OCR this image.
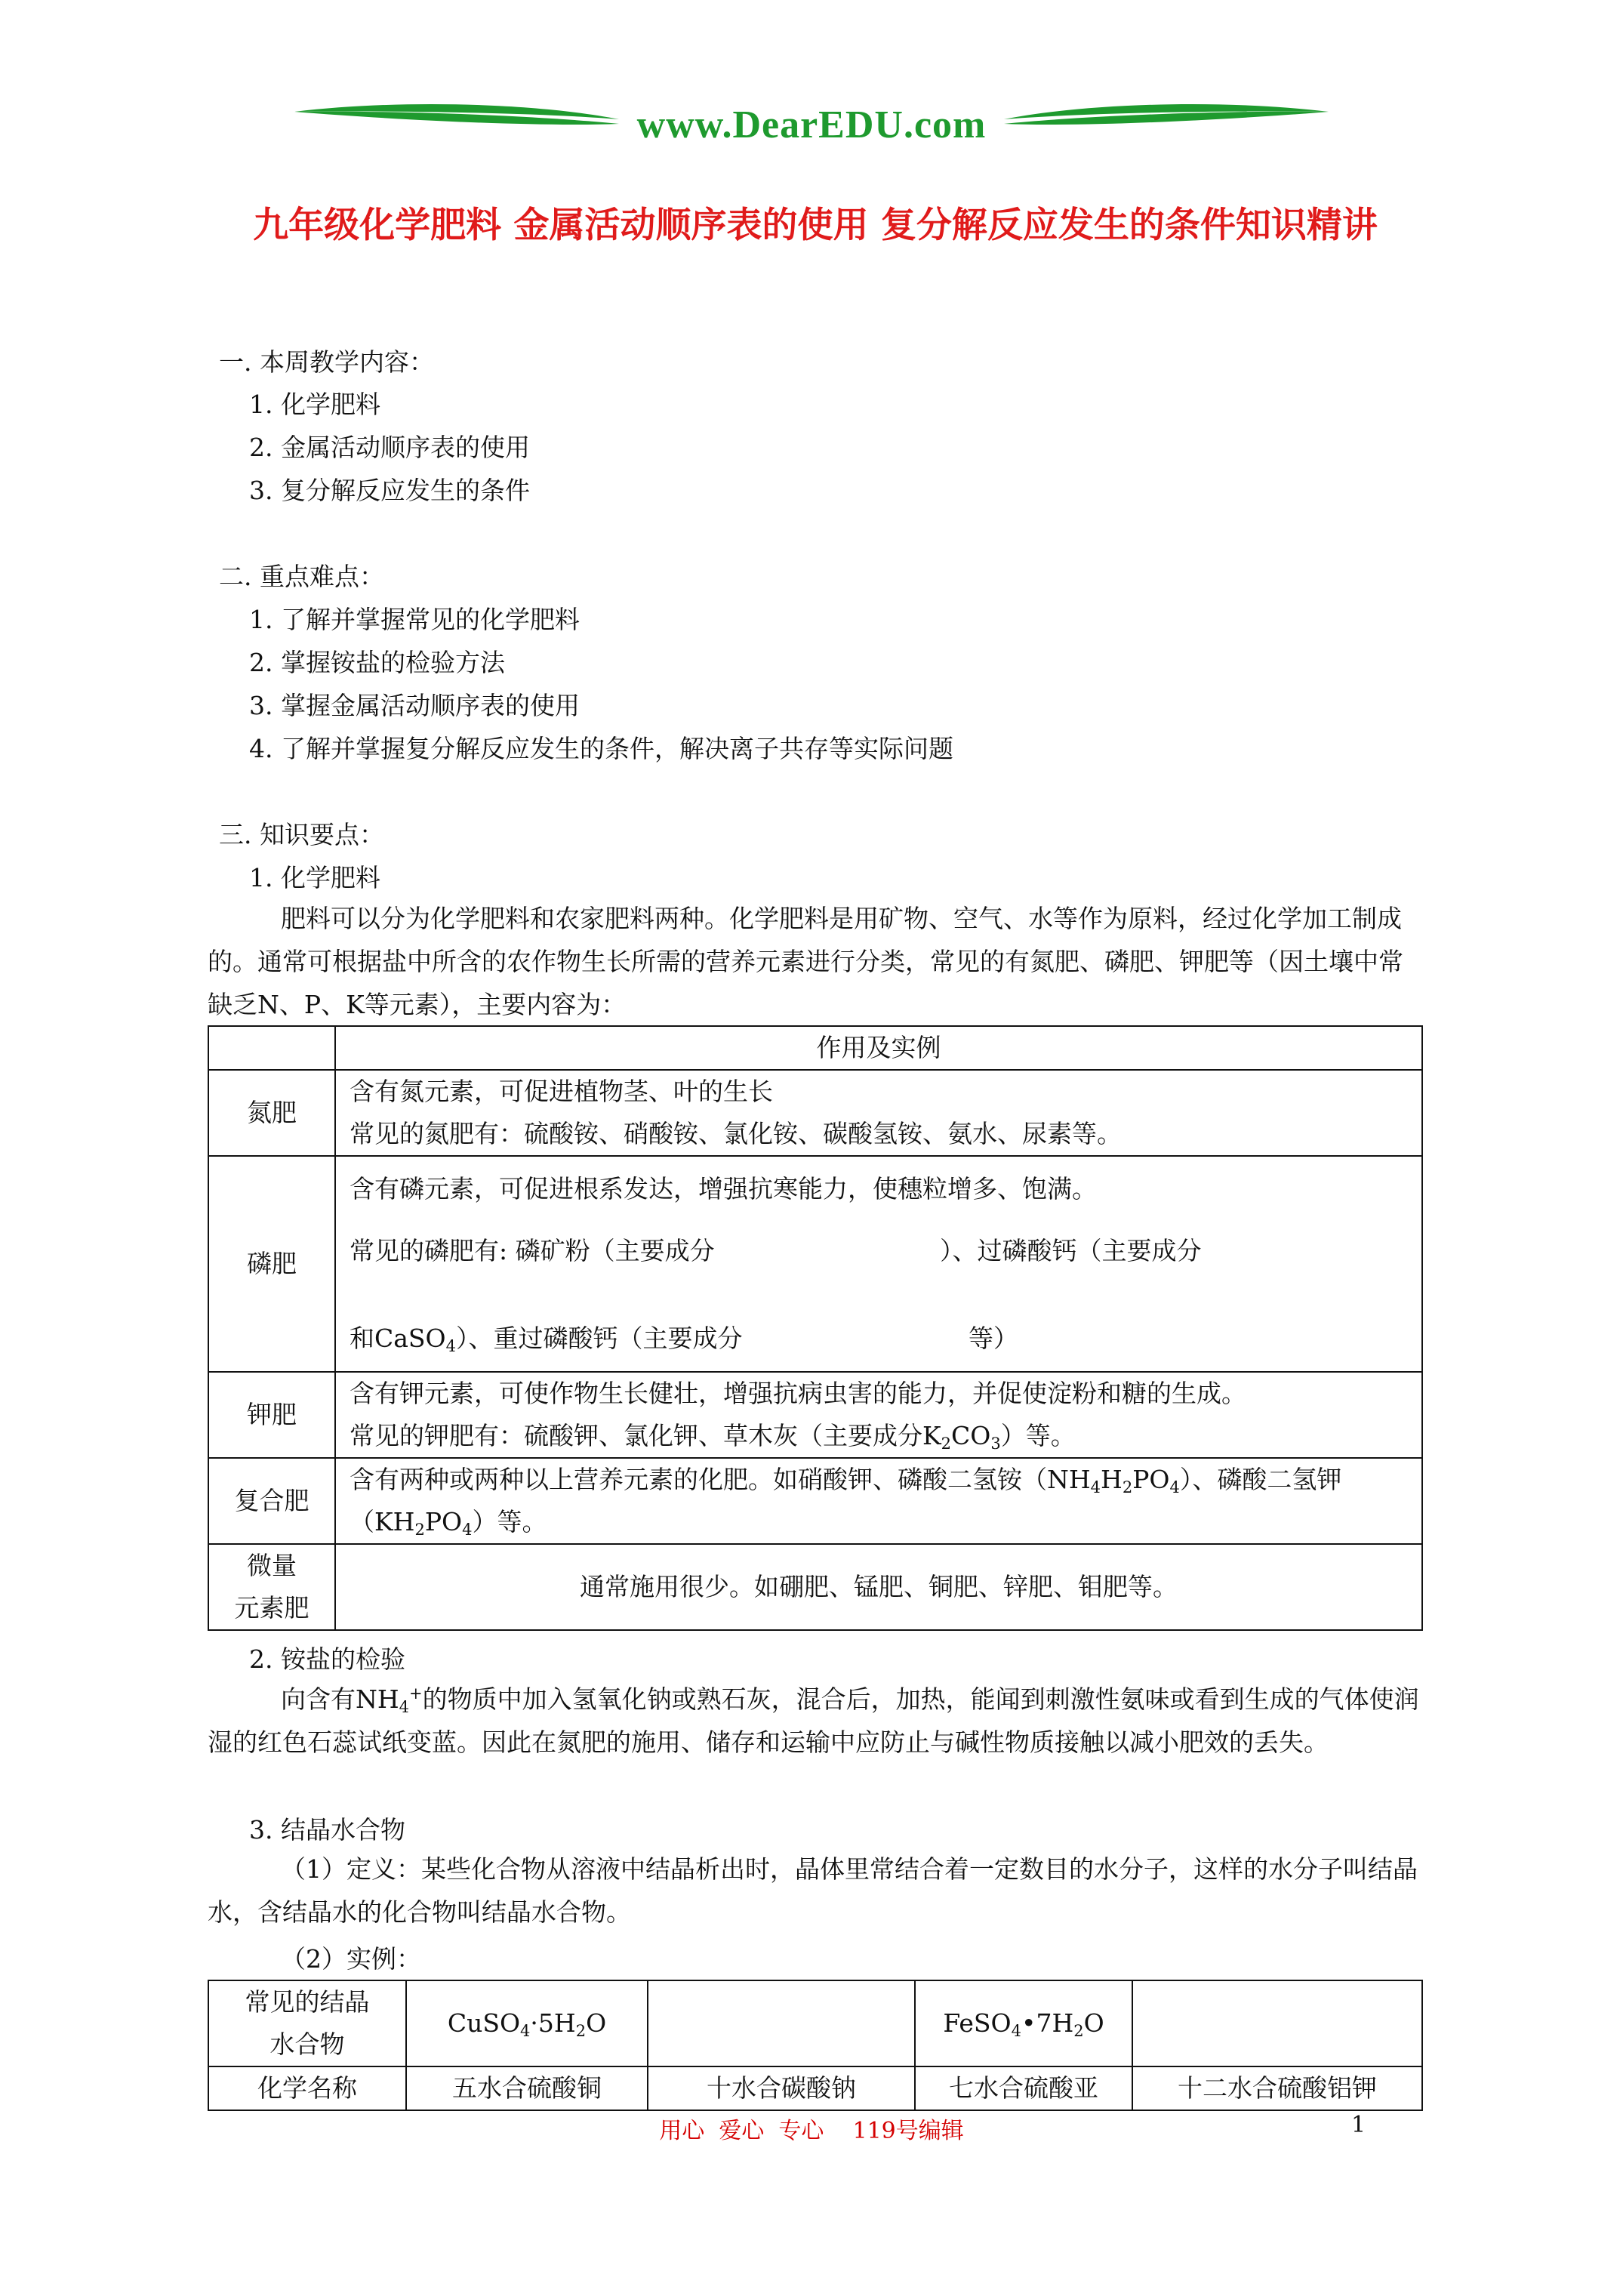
www.DearEDU.com
九年级化学肥料 金属活动顺序表的使用 复分解反应发生的条件知识精讲
一. 本周教学内容：
1. 化学肥料
2. 金属活动顺序表的使用
3. 复分解反应发生的条件
二. 重点难点：
1. 了解并掌握常见的化学肥料
2. 掌握铵盐的检验方法
3. 掌握金属活动顺序表的使用
4. 了解并掌握复分解反应发生的条件，解决离子共存等实际问题
三. 知识要点：
1. 化学肥料
肥料可以分为化学肥料和农家肥料两种。化学肥料是用矿物、空气、水等作为原料，经过化学加工制成的。通常可根据盐中所含的农作物生长所需的营养元素进行分类，常见的有氮肥、磷肥、钾肥等（因土壤中常缺乏N、P、K等元素），主要内容为：
	作用及实例
氮肥	含有氮元素，可促进植物茎、叶的生长
常见的氮肥有：硫酸铵、硝酸铵、氯化铵、碳酸氢铵、氨水、尿素等。

磷肥	含有磷元素，可促进根系发达，增强抗寒能力，使穗粒增多、饱满。
常见的磷肥有: 磷矿粉（主要成分 ）、过磷酸钙（主要成分
和CaSO$_4$）、重过磷酸钙（主要成分 等）

钾肥	含有钾元素，可使作物生长健壮，增强抗病虫害的能力，并促使淀粉和糖的生成。
常见的钾肥有：硫酸钾、氯化钾、草木灰（主要成分$K_2CO_3$）等。

复合肥	含有两种或两种以上营养元素的化肥。如硝酸钾、磷酸二氢铵$(NH_4H_2PO_4)$、磷酸二氢钾$(KH_2PO_4)$等。

微量
元素肥	通常施用很少。如硼肥、锰肥、铜肥、锌肥、钼肥等。
2. 铵盐的检验
向含有$NH_4^+$的物质中加入氢氧化钠或熟石灰，混合后，加热，能闻到刺激性氨味或看到生成的气体使润湿的红色石蕊试纸变蓝。因此在氮肥的施用、储存和运输中应防止与碱性物质接触以减小肥效的丢失。
3. 结晶水合物
（1）定义：某些化合物从溶液中结晶析出时，晶体里常结合着一定数目的水分子，这样的水分子叫结晶水，含结晶水的化合物叫结晶水合物。
（2）实例：
常见的结晶
水合物	$CuSO_4\cdot 5H_2O$		$FeSO_4•7H_2O$	
化学名称	五水合硫酸铜	十水合碳酸钠	七水合硫酸亚	十二水合硫酸铝钾
用心  爱心  专心    119号编辑	1
